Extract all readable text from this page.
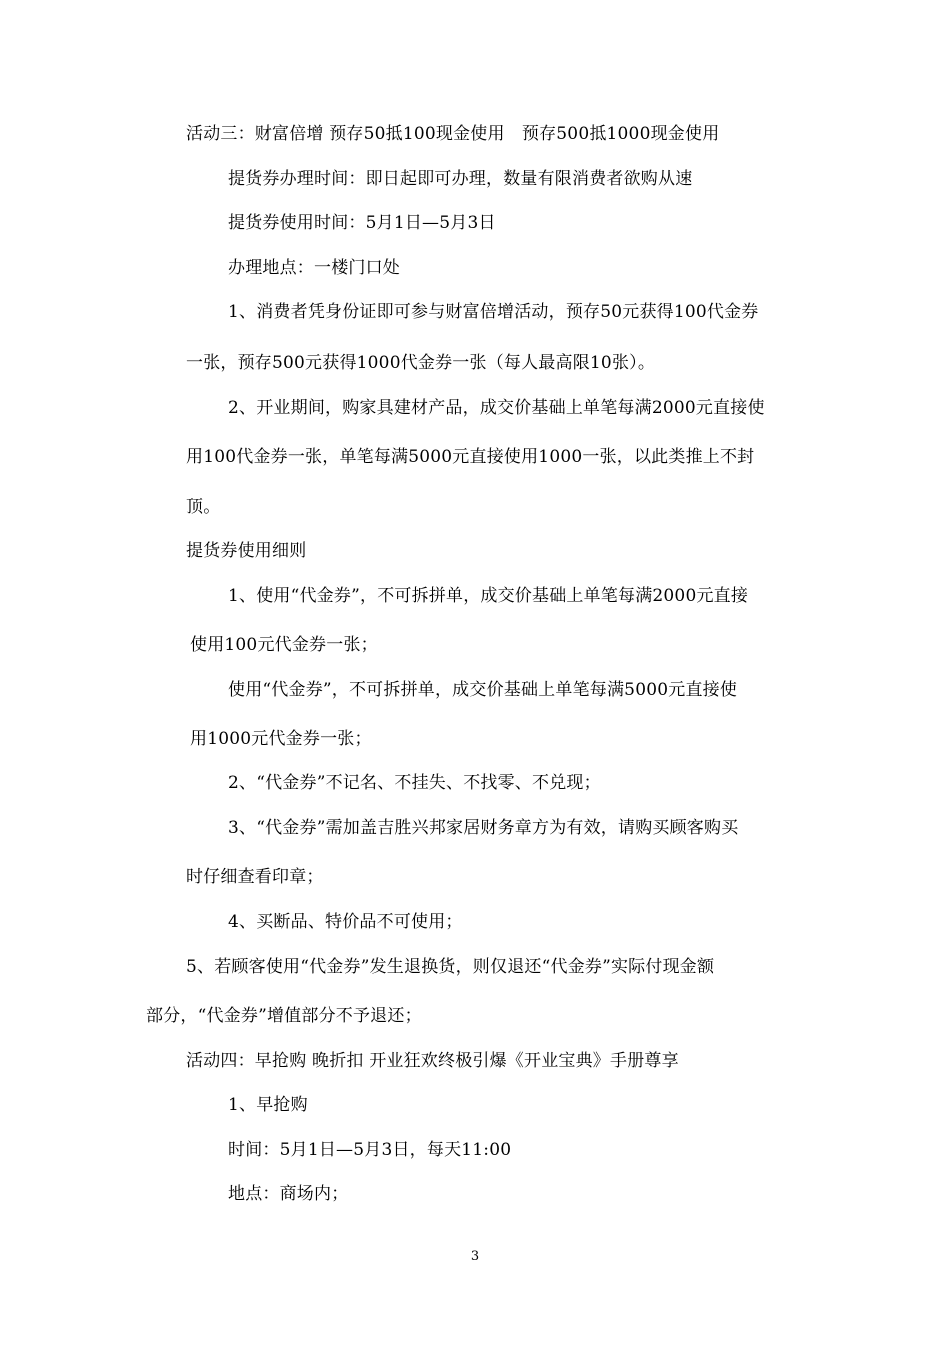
活动三：财富倍增 预存50抵100现金使用　预存500抵1000现金使用
提货券办理时间：即日起即可办理，数量有限消费者欲购从速
提货券使用时间：5月1日—5月3日
办理地点：一楼门口处
1、消费者凭身份证即可参与财富倍增活动，预存50元获得100代金券
一张，预存500元获得1000代金券一张（每人最高限10张）。
2、开业期间，购家具建材产品，成交价基础上单笔每满2000元直接使
用100代金券一张，单笔每满5000元直接使用1000一张，以此类推上不封
顶。
提货券使用细则
1、使用“代金券”，不可拆拼单，成交价基础上单笔每满2000元直接
使用100元代金券一张；
使用“代金券”，不可拆拼单，成交价基础上单笔每满5000元直接使
用1000元代金券一张；
2、“代金券”不记名、不挂失、不找零、不兑现；
3、“代金券”需加盖吉胜兴邦家居财务章方为有效，请购买顾客购买
时仔细查看印章；
4、买断品、特价品不可使用；
5、若顾客使用“代金券”发生退换货，则仅退还“代金券”实际付现金额
部分，“代金券”增值部分不予退还；
活动四：早抢购 晚折扣 开业狂欢终极引爆《开业宝典》手册尊享
1、早抢购
时间：5月1日—5月3日，每天11:00
地点：商场内；
3
